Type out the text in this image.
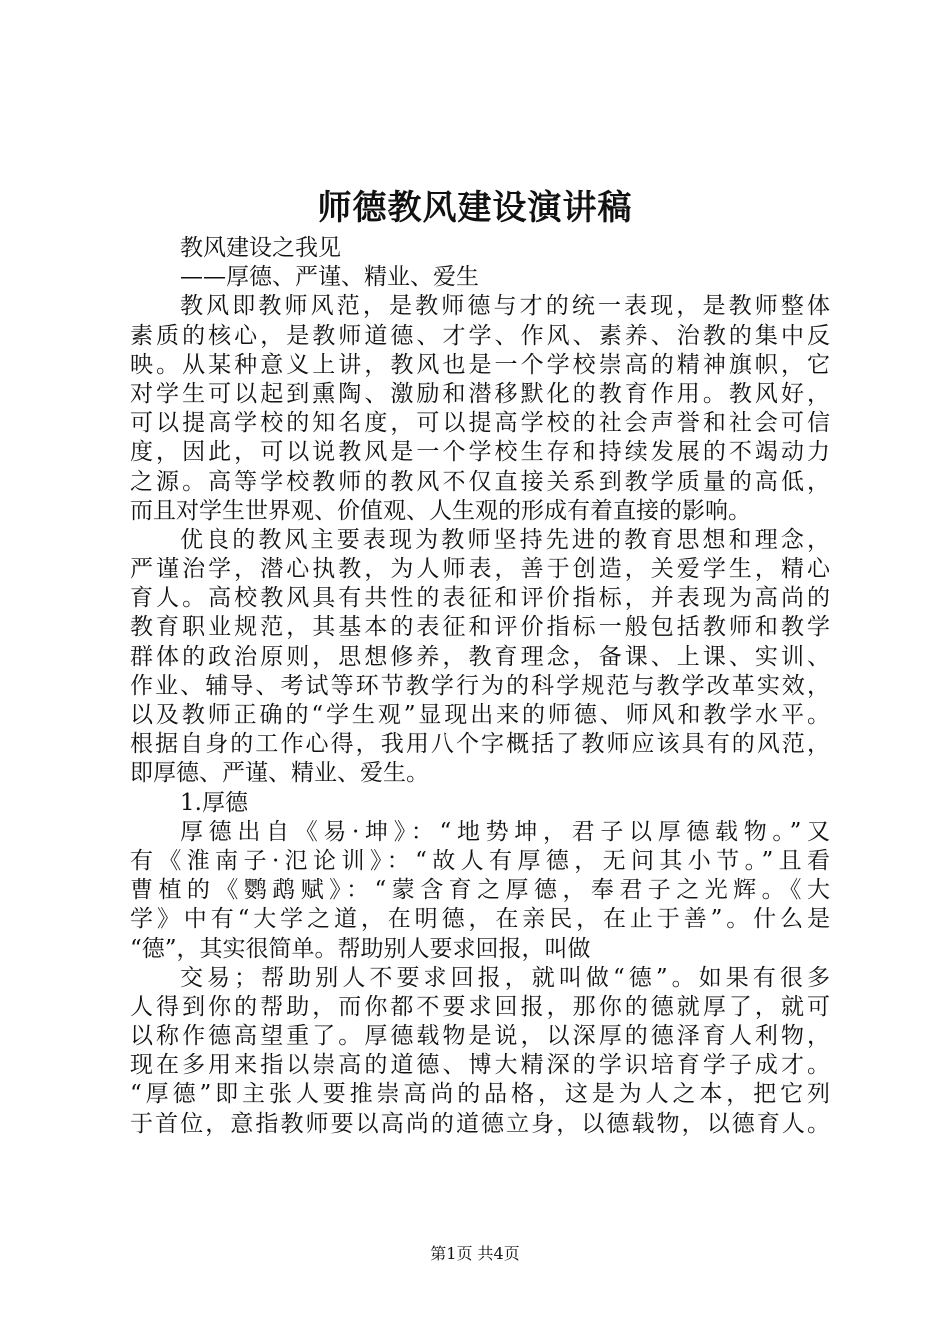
师德教风建设演讲稿
教风建设之我见
——厚德、严谨、精业、爱生
教风即教师风范，是教师德与才的统一表现，是教师整体
素质的核心，是教师道德、才学、作风、素养、治教的集中反
映。从某种意义上讲，教风也是一个学校崇高的精神旗帜，它
对学生可以起到熏陶、激励和潜移默化的教育作用。教风好，
可以提高学校的知名度，可以提高学校的社会声誉和社会可信
度，因此，可以说教风是一个学校生存和持续发展的不竭动力
之源。高等学校教师的教风不仅直接关系到教学质量的高低，
而且对学生世界观、价值观、人生观的形成有着直接的影响。
优良的教风主要表现为教师坚持先进的教育思想和理念，
严谨治学，潜心执教，为人师表，善于创造，关爱学生，精心
育人。高校教风具有共性的表征和评价指标，并表现为高尚的
教育职业规范，其基本的表征和评价指标一般包括教师和教学
群体的政治原则，思想修养，教育理念，备课、上课、实训、
作业、辅导、考试等环节教学行为的科学规范与教学改革实效，
以及教师正确的“学生观”显现出来的师德、师风和教学水平。
根据自身的工作心得，我用八个字概括了教师应该具有的风范，
即厚德、严谨、精业、爱生。
1.厚德
厚德出自《易·坤》：“地势坤，君子以厚德载物。”又
有《淮南子·氾论训》：“故人有厚德，无问其小节。”且看
曹植的《鹦鹉赋》：“蒙含育之厚德，奉君子之光辉。《大
学》中有“大学之道，在明德，在亲民，在止于善”。什么是
“德”，其实很简单。帮助别人要求回报，叫做
交易；帮助别人不要求回报，就叫做“德”。如果有很多
人得到你的帮助，而你都不要求回报，那你的德就厚了，就可
以称作德高望重了。厚德载物是说，以深厚的德泽育人利物，
现在多用来指以崇高的道德、博大精深的学识培育学子成才。
“厚德”即主张人要推崇高尚的品格，这是为人之本，把它列
于首位，意指教师要以高尚的道德立身，以德载物，以德育人。
第1页 共4页
